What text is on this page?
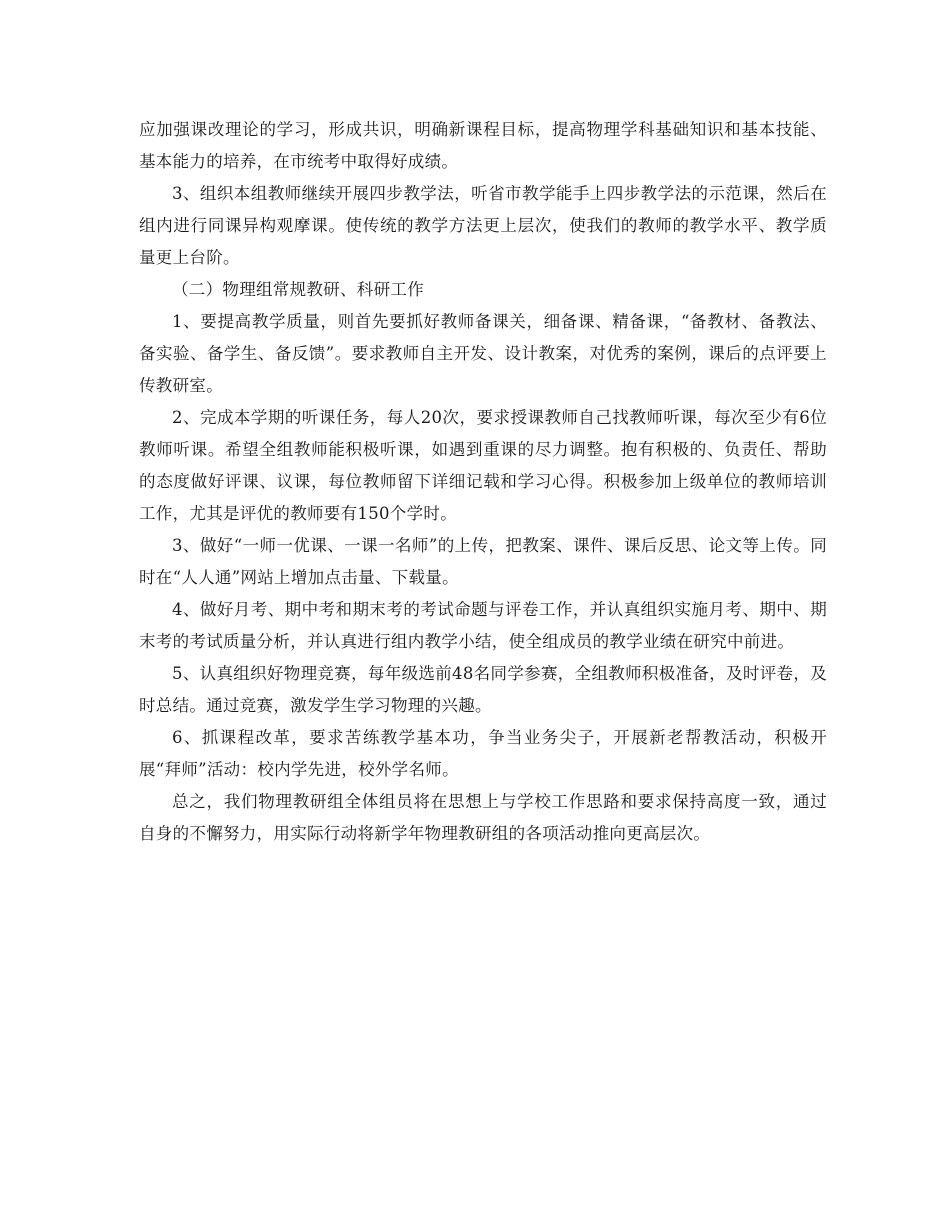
应加强课改理论的学习，形成共识，明确新课程目标，提高物理学科基础知识和基本技能、基本能力的培养，在市统考中取得好成绩。

3、组织本组教师继续开展四步教学法，听省市教学能手上四步教学法的示范课，然后在组内进行同课异构观摩课。使传统的教学方法更上层次，使我们的教师的教学水平、教学质量更上台阶。

（二）物理组常规教研、科研工作

1、要提高教学质量，则首先要抓好教师备课关，细备课、精备课，“备教材、备教法、备实验、备学生、备反馈”。要求教师自主开发、设计教案，对优秀的案例，课后的点评要上传教研室。

2、完成本学期的听课任务，每人20次，要求授课教师自己找教师听课，每次至少有6位教师听课。希望全组教师能积极听课，如遇到重课的尽力调整。抱有积极的、负责任、帮助的态度做好评课、议课，每位教师留下详细记载和学习心得。积极参加上级单位的教师培训工作，尤其是评优的教师要有150个学时。

3、做好“一师一优课、一课一名师”的上传，把教案、课件、课后反思、论文等上传。同时在“人人通”网站上增加点击量、下载量。

4、做好月考、期中考和期末考的考试命题与评卷工作，并认真组织实施月考、期中、期末考的考试质量分析，并认真进行组内教学小结，使全组成员的教学业绩在研究中前进。

5、认真组织好物理竞赛，每年级选前48名同学参赛，全组教师积极准备，及时评卷，及时总结。通过竞赛，激发学生学习物理的兴趣。

6、抓课程改革，要求苦练教学基本功，争当业务尖子，开展新老帮教活动，积极开展“拜师”活动：校内学先进，校外学名师。

总之，我们物理教研组全体组员将在思想上与学校工作思路和要求保持高度一致，通过自身的不懈努力，用实际行动将新学年物理教研组的各项活动推向更高层次。
